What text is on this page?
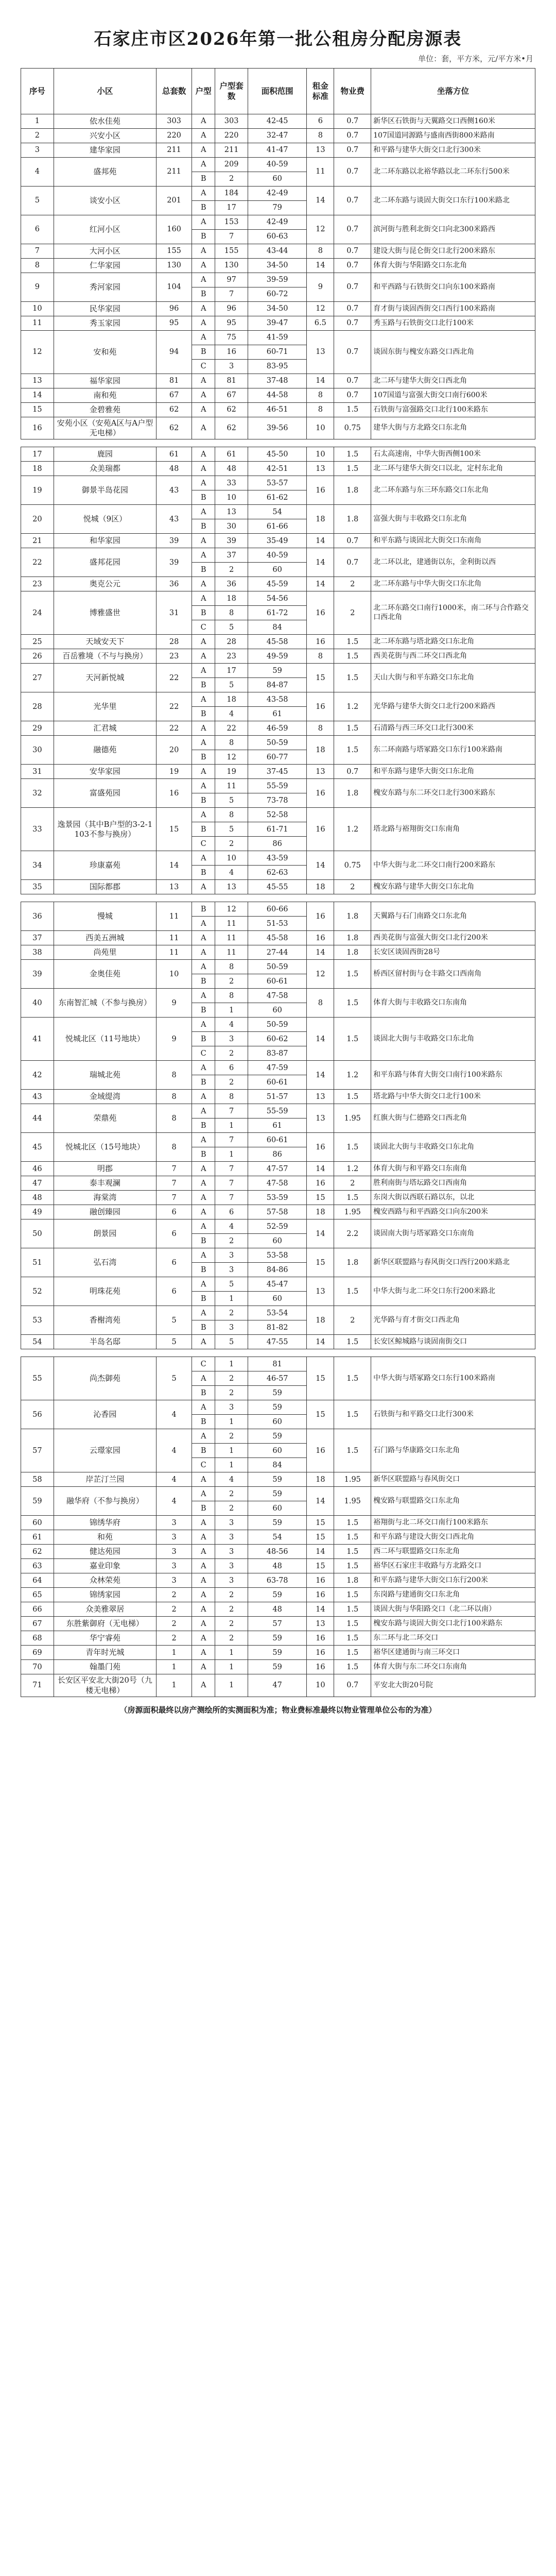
石家庄市区2026年第一批公租房分配房源表
单位：套，平方米，元/平方米•月
序号	小区	总套数	户型	户型套数	面积范围	租金标准	物业费	坐落方位
1	依水佳苑	303	A	303	42-45	6	0.7	新华区石铁街与天翼路交口西侧160米
2	兴安小区	220	A	220	32-47	8	0.7	107国道同源路与盛南西街800米路南
3	建华家园	211	A	211	41-47	13	0.7	和平路与建华大街交口北行300米
4	盛邦苑	211	A	209	40-59	11	0.7	北二环东路以北裕华路以北二环东行500米
			B	2	60			
5	谈安小区	201	A	184	42-49	14	0.7	北二环东路与谈固大街交口东行100米路北
			B	17	79			
6	红河小区	160	A	153	42-49	12	0.7	滨河街与胜利北街交口向北300米路西
			B	7	60-63			
7	大河小区	155	A	155	43-44	8	0.7	建设大街与昆仑街交口北行200米路东
8	仁华家园	130	A	130	34-50	14	0.7	体育大街与华阳路交口东北角
9	秀河家园	104	A	97	39-59	9	0.7	和平西路与石铁街交口向东100米路南
			B	7	60-72			
10	民华家园	96	A	96	34-50	12	0.7	育才街与谈固西街交口西行100米路南
11	秀玉家园	95	A	95	39-47	6.5	0.7	秀玉路与石铁街交口北行100米
12	安和苑	94	A	75	41-59	13	0.7	谈固东街与槐安东路交口西北角
			B	16	60-71			
			C	3	83-95			
13	福华家园	81	A	81	37-48	14	0.7	北二环与建华大街交口西北角
14	南和苑	67	A	67	44-58	8	0.7	107国道与富强大街交口南行600米
15	金碧雅苑	62	A	62	46-51	8	1.5	石铁街与富强路交口北行100米路东
16	安苑小区（安苑A区与A户型无电梯）	62	A	62	39-56	10	0.75	建华大街与方北路交口东北角
17	鹿园	61	A	61	45-50	10	1.5	石太高速南，中华大街西侧100米
18	众美瑞都	48	A	48	42-51	13	1.5	北二环与建华大街交口以北，定村东北角
19	御景半岛花园	43	A	33	53-57	16	1.8	北二环东路与东三环东路交口东北角
			B	10	61-62			
20	悦城（9区）	43	A	13	54	18	1.8	富强大街与丰收路交口东北角
			B	30	61-66			
21	和华家园	39	A	39	35-49	14	0.7	和平东路与谈固北大街交口东南角
22	盛邦花园	39	A	37	40-59	14	0.7	北二环以北，建通街以东，金利街以西
			B	2	60			
23	奥克公元	36	A	36	45-59	14	2	北二环东路与中华大街交口东北角
24	博雅盛世	31	A	18	54-56	16	2	北二环东路交口南行1000米，南二环与合作路交口西北角
			B	8	61-72			
			C	5	84			
25	天域安天下	28	A	28	45-58	16	1.5	北二环东路与塔北路交口东北角
26	百岳雅境（不与与换房）	23	A	23	49-59	8	1.5	西美花街与西二环交口西北角
27	天河新悦城	22	A	17	59	15	1.5	天山大街与和平东路交口东北角
			B	5	84-87			
28	光华里	22	A	18	43-58	16	1.2	光华路与建华大街交口北行200米路西
			B	4	61			
29	汇君城	22	A	22	46-59	8	1.5	石清路与西三环交口北行300米
30	融德苑	20	A	8	50-59	18	1.5	东二环南路与塔冢路交口东行100米路南
			B	12	60-77			
31	安华家园	19	A	19	37-45	13	0.7	和平东路与建华大街交口东北角
32	富盛苑园	16	A	11	55-59	16	1.8	槐安东路与东二环交口北行300米路东
			B	5	73-78			
33	逸景园（其中B户型的3-2-1103不参与换房）	15	A	8	52-58	16	1.2	塔北路与裕翔街交口东南角
			B	5	61-71			
			C	2	86			
34	珍康嘉苑	14	A	10	43-59	14	0.75	中华大街与北二环交口南行200米路东
			B	4	62-63			
35	国际都郡	13	A	13	45-55	18	2	槐安东路与建华大街交口东北角
36	慢城	11	B	12	60-66	16	1.8	天翼路与石门南路交口东北角
			A	11	51-53			
37	西美五洲城	11	A	11	45-58	16	1.8	西美花街与富强大街交口北行200米
38	尚苑里	11	A	11	27-44	14	1.8	长安区谈固西街28号
39	金奥佳苑	10	A	8	50-59	12	1.5	桥西区留村街与仓丰路交口西南角
			B	2	60-61			
40	东南智汇城（不参与换房）	9	A	8	47-58	8	1.5	体育大街与丰收路交口东南角
			B	1	60			
41	悦城北区（11号地块）	9	A	4	50-59	14	1.5	谈固北大街与丰收路交口东北角
			B	3	60-62			
			C	2	83-87			
42	瑞城北苑	8	A	6	47-59	14	1.2	和平东路与体育大街交口南行100米路东
			B	2	60-61			
43	金域缇湾	8	A	8	51-57	13	1.5	塔北路与中华大街交口北行100米
44	荣鼎苑	8	A	7	55-59	13	1.95	红旗大街与仁德路交口西北角
			B	1	61			
45	悦城北区（15号地块）	8	A	7	60-61	16	1.5	谈固北大街与丰收路交口东北角
			B	1	86			
46	明郡	7	A	7	47-57	14	1.2	体育大街与和平路交口东南角
47	泰丰观澜	7	A	7	47-58	16	2	胜利南街与塔坛路交口西南角
48	海棠湾	7	A	7	53-59	15	1.5	东岗大街以西联石路以东，以北
49	融创臻园	6	A	6	57-58	18	1.95	槐安西路与和平西路交口向东200米
50	朗景园	6	A	4	52-59	14	2.2	谈固南大街与塔冢路交口东南角
			B	2	60			
51	弘石湾	6	A	3	53-58	15	1.8	新华区联盟路与春风街交口西行200米路北
			B	3	84-86			
52	明珠花苑	6	A	5	45-47	13	1.5	中华大街与北二环交口东行200米路北
			B	1	60			
53	香榭湾苑	5	A	2	53-54	18	2	光华路与育才街交口西北角
			B	3	81-82			
54	半岛名邸	5	A	5	47-55	14	1.5	长安区鲸城路与谈固南街交口
55	尚杰御苑	5	C	1	81	15	1.5	中华大街与塔冢路交口东行100米路南
			A	2	46-57			
			B	2	59			
56	沁香园	4	A	3	59	15	1.5	石铁街与和平路交口北行300米
			B	1	60			
57	云璟家园	4	A	2	59	16	1.5	石门路与华康路交口东北角
			B	1	60			
			C	1	84			
58	岸芷汀兰园	4	A	4	59	18	1.95	新华区联盟路与春风街交口
59	融华府（不参与换房）	4	A	2	59	14	1.95	槐安路与联盟路交口东北角
			B	2	60			
60	锦绣华府	3	A	3	59	15	1.5	裕翔街与北二环交口南行100米路东
61	和苑	3	A	3	54	15	1.5	和平东路与建设大街交口西北角
62	健达苑园	3	A	3	48-56	14	1.5	西二环与联盟路交口东北角
63	嘉业印象	3	A	3	48	15	1.5	裕华区石家庄丰收路与方北路交口
64	众林荣苑	3	A	3	63-78	16	1.8	和平东路与建华大街交口东行200米
65	锦绣家园	2	A	2	59	16	1.5	东岗路与建通街交口东北角
66	众美雅翠居	2	A	2	48	14	1.5	谈固大街与华阳路交口（北二环以南）
67	东胜紫御府（无电梯）	2	A	2	57	13	1.5	槐安东路与谈固大街交口北行100米路东
68	华宁睿苑	2	A	2	59	16	1.5	东二环与北二环交口
69	青年时光城	1	A	1	59	16	1.5	裕华区建通街与南三环交口
70	翰墨门苑	1	A	1	59	16	1.5	体育大街与东二环交口东南角
71	长安区平安北大街20号（九楼无电梯）	1	A	1	47	10	0.7	平安北大街20号院
（房源面积最终以房产测绘所的实测面积为准；物业费标准最终以物业管理单位公布的为准）
